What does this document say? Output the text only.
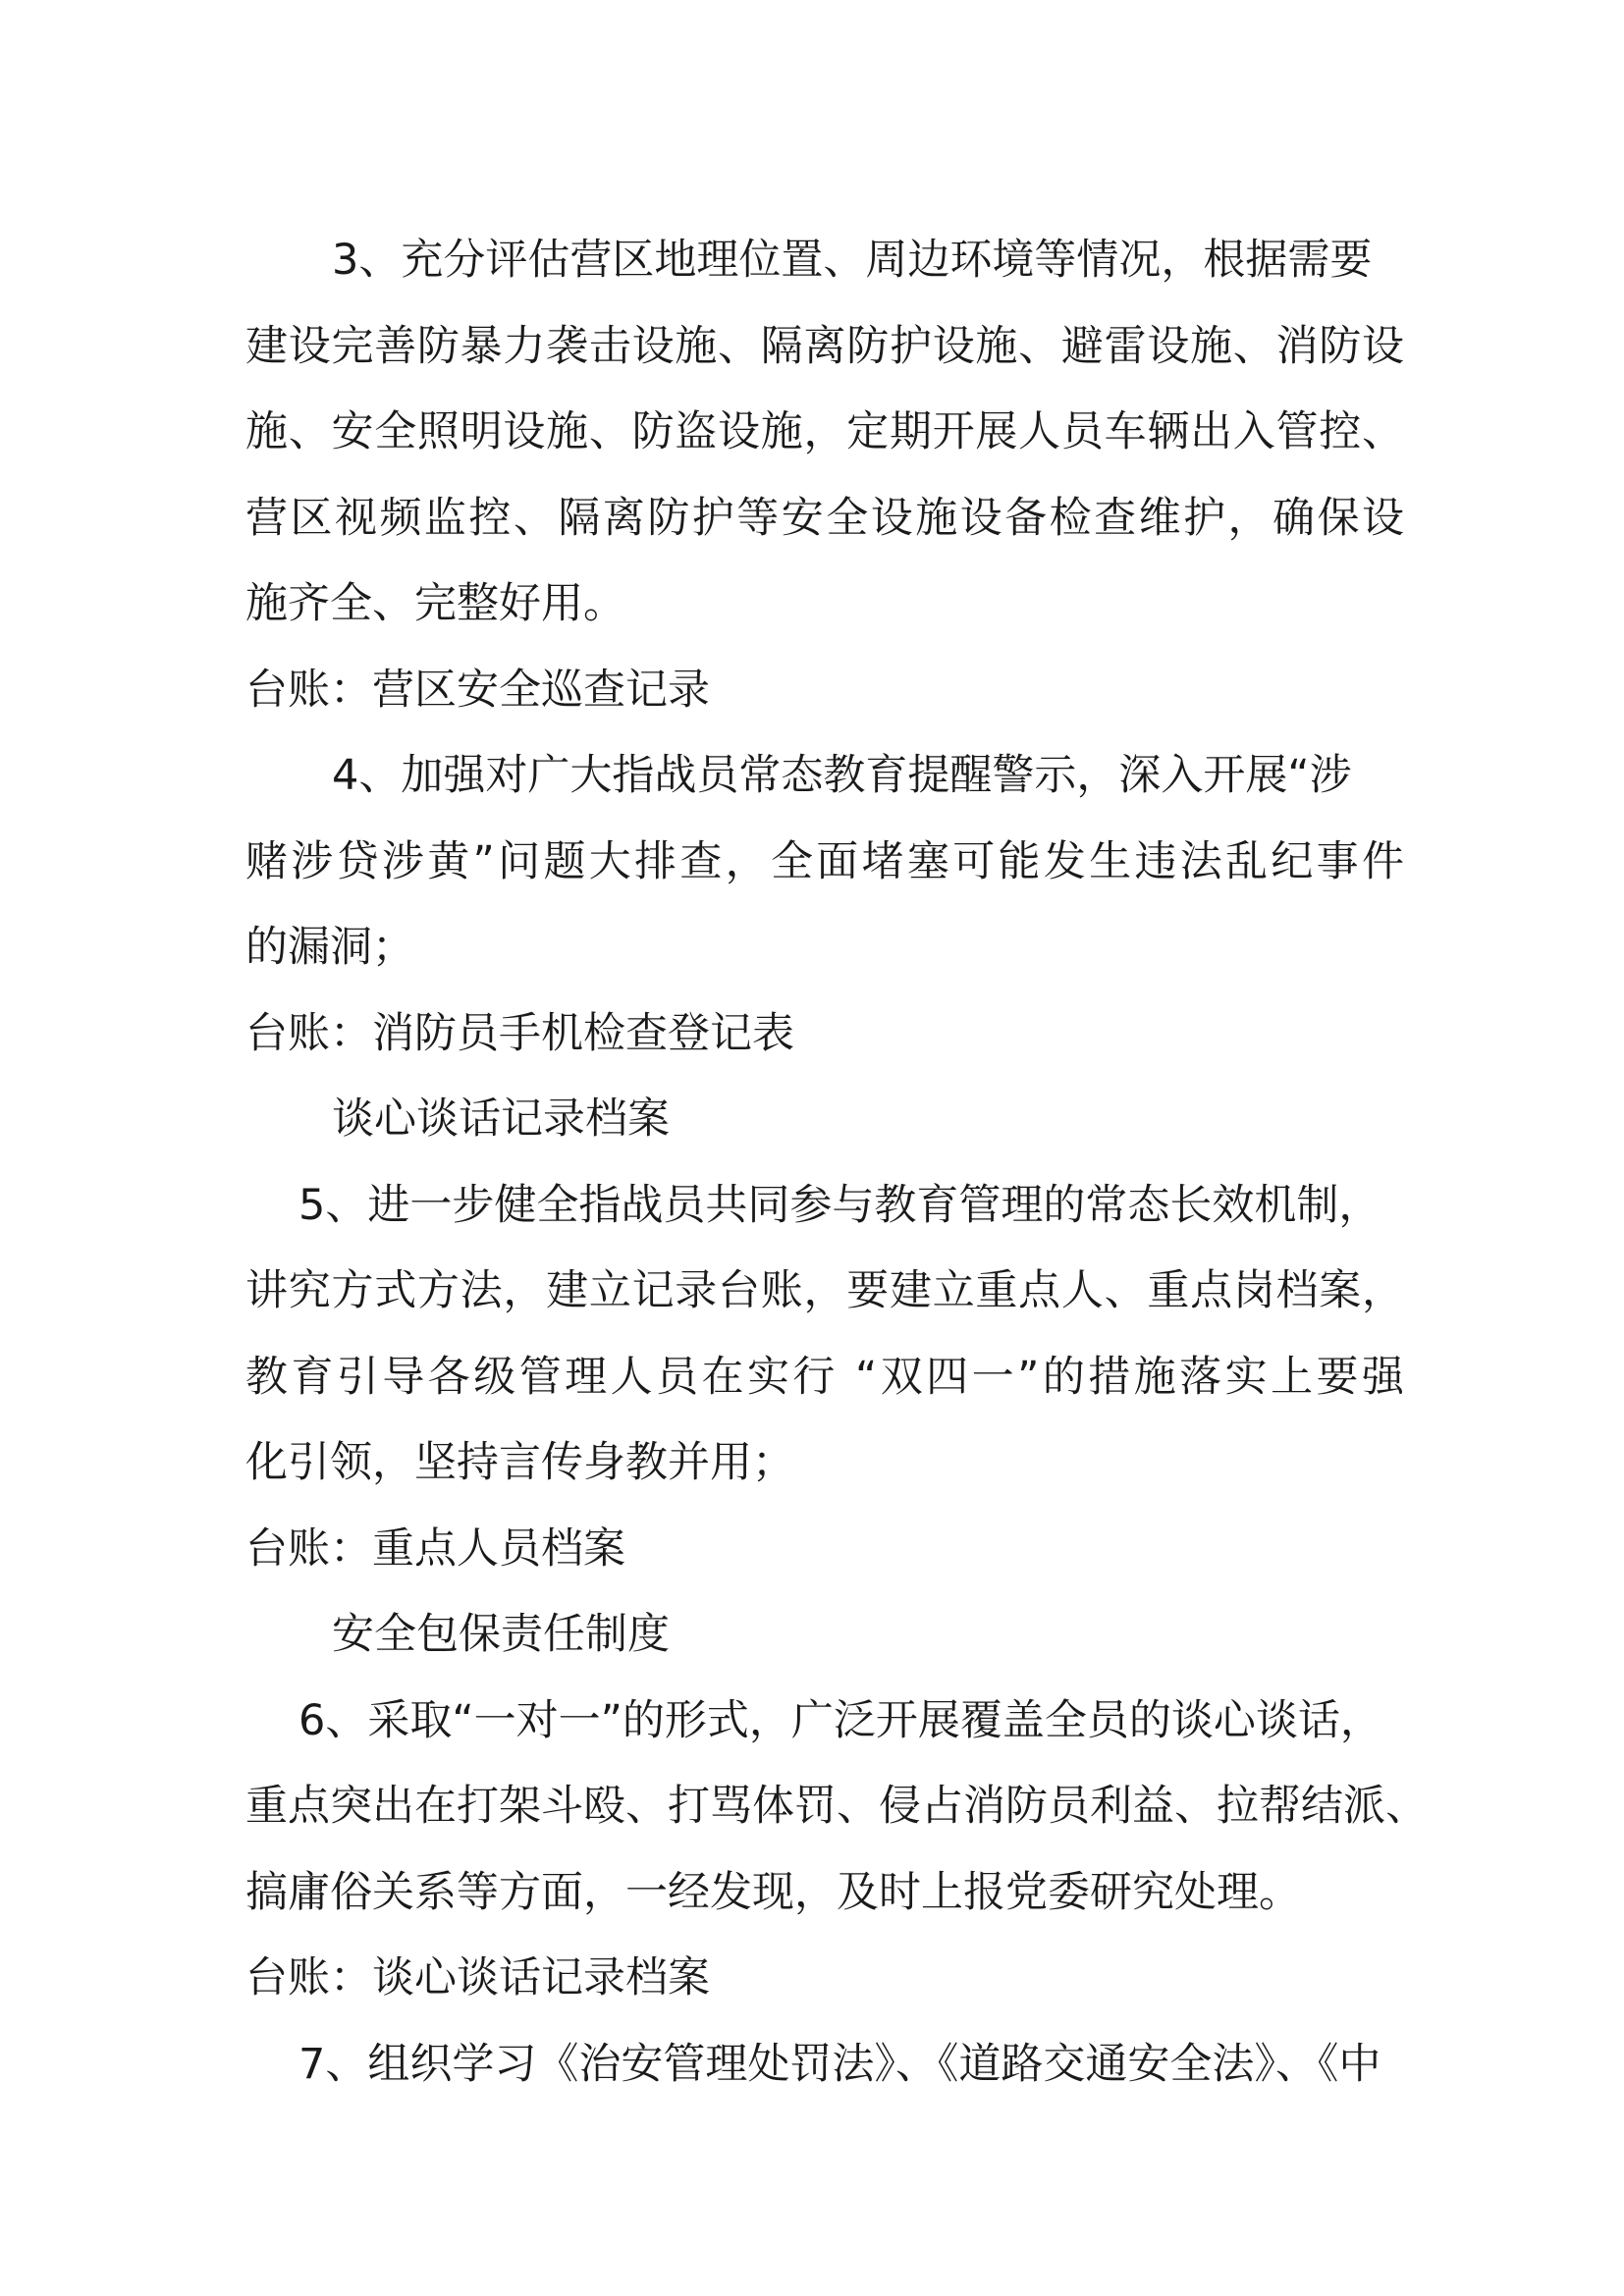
3、充分评估营区地理位置、周边环境等情况，根据需要
建设完善防暴力袭击设施、隔离防护设施、避雷设施、消防设
施、安全照明设施、防盗设施，定期开展人员车辆出入管控、
营区视频监控、隔离防护等安全设施设备检查维护，确保设
施齐全、完整好用。
台账：营区安全巡查记录
4、加强对广大指战员常态教育提醒警示，深入开展“涉
赌涉贷涉黄”问题大排查，全面堵塞可能发生违法乱纪事件
的漏洞；
台账：消防员手机检查登记表
谈心谈话记录档案
5、进一步健全指战员共同参与教育管理的常态长效机制，
讲究方式方法，建立记录台账，要建立重点人、重点岗档案，
教育引导各级管理人员在实行 “双四一”的措施落实上要强
化引领，坚持言传身教并用；
台账：重点人员档案
安全包保责任制度
6、采取“一对一”的形式，广泛开展覆盖全员的谈心谈话，
重点突出在打架斗殴、打骂体罚、侵占消防员利益、拉帮结派、
搞庸俗关系等方面，一经发现，及时上报党委研究处理。
台账：谈心谈话记录档案
7、组织学习《治安管理处罚法》、《道路交通安全法》、《中
